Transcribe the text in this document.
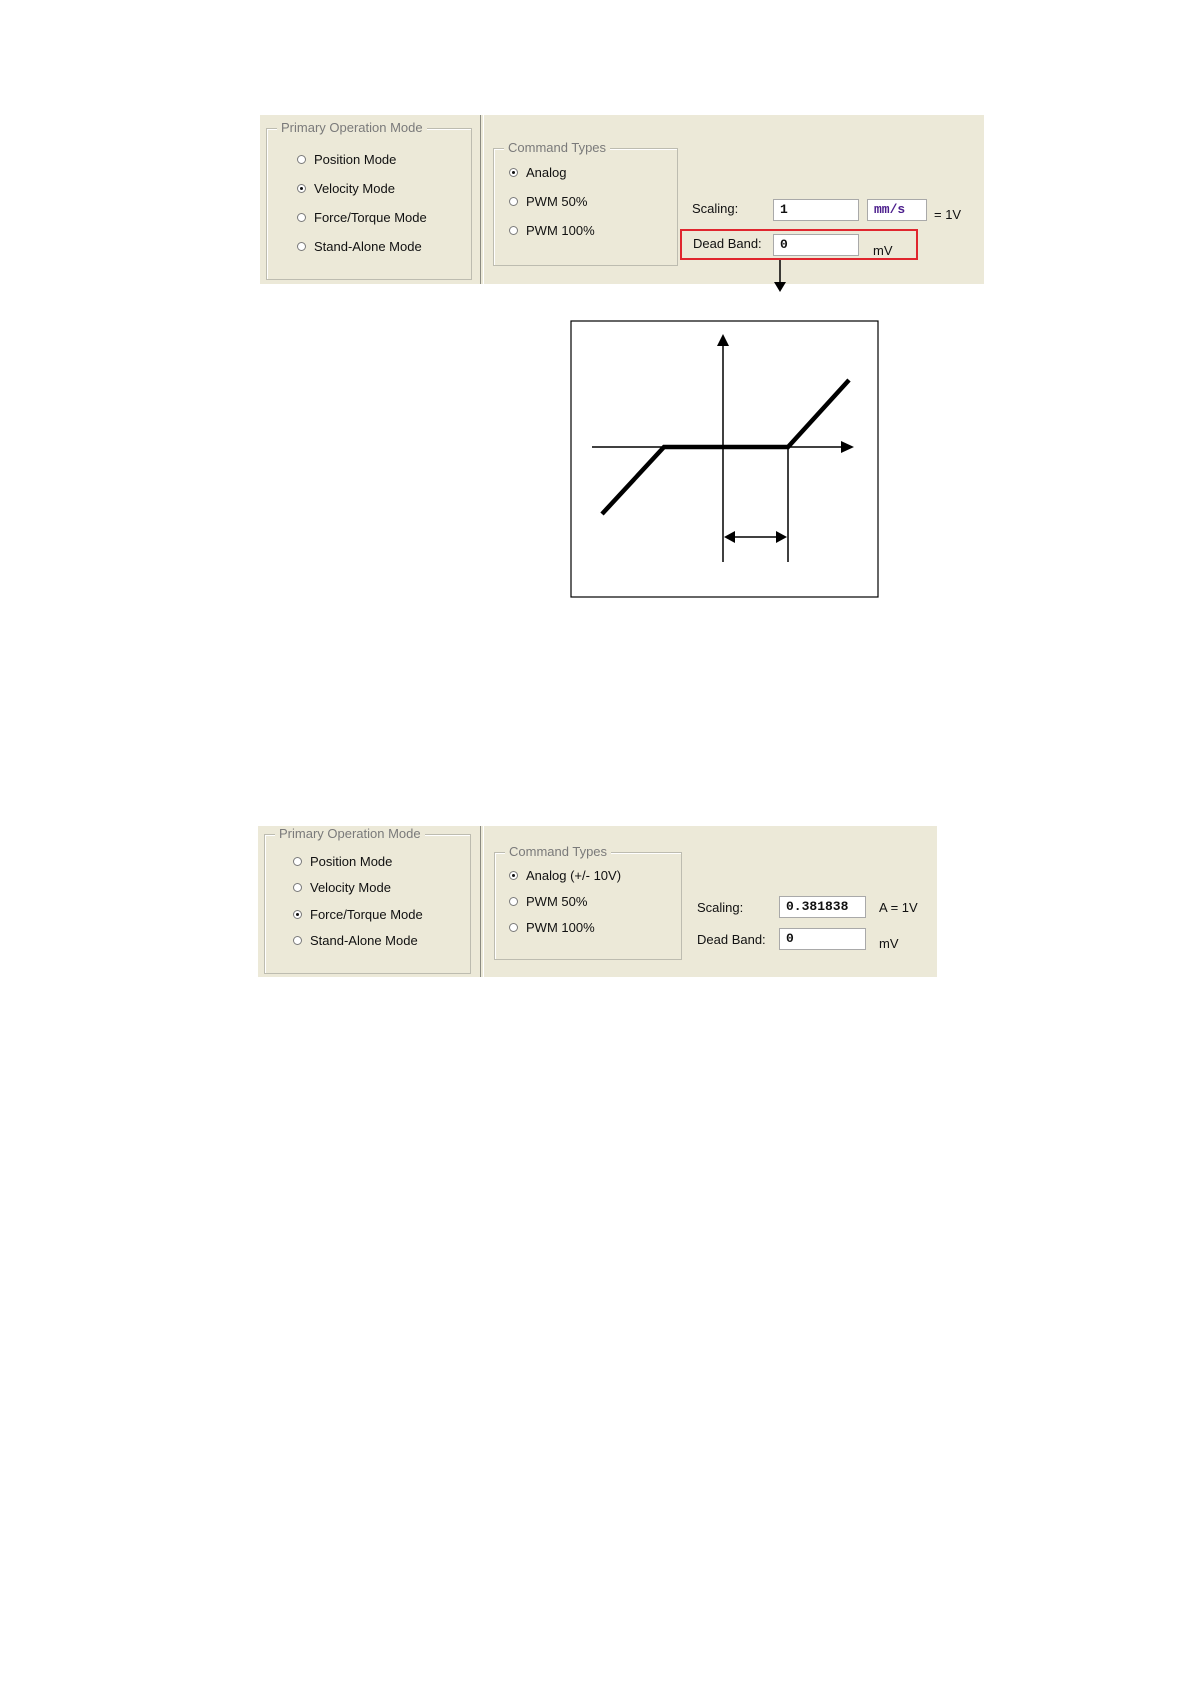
Primary Operation Mode
Position Mode
Velocity Mode
Force/Torque Mode
Stand-Alone Mode
Command Types
Analog
PWM 50%
PWM 100%
Scaling:	1	mm/s	= 1V
Dead Band:	0	mV
Primary Operation Mode
Position Mode
Velocity Mode
Force/Torque Mode
Stand-Alone Mode
Command Types
Analog (+/- 10V)
PWM 50%
PWM 100%
Scaling:	0.381838	A = 1V
Dead Band:	0	mV
